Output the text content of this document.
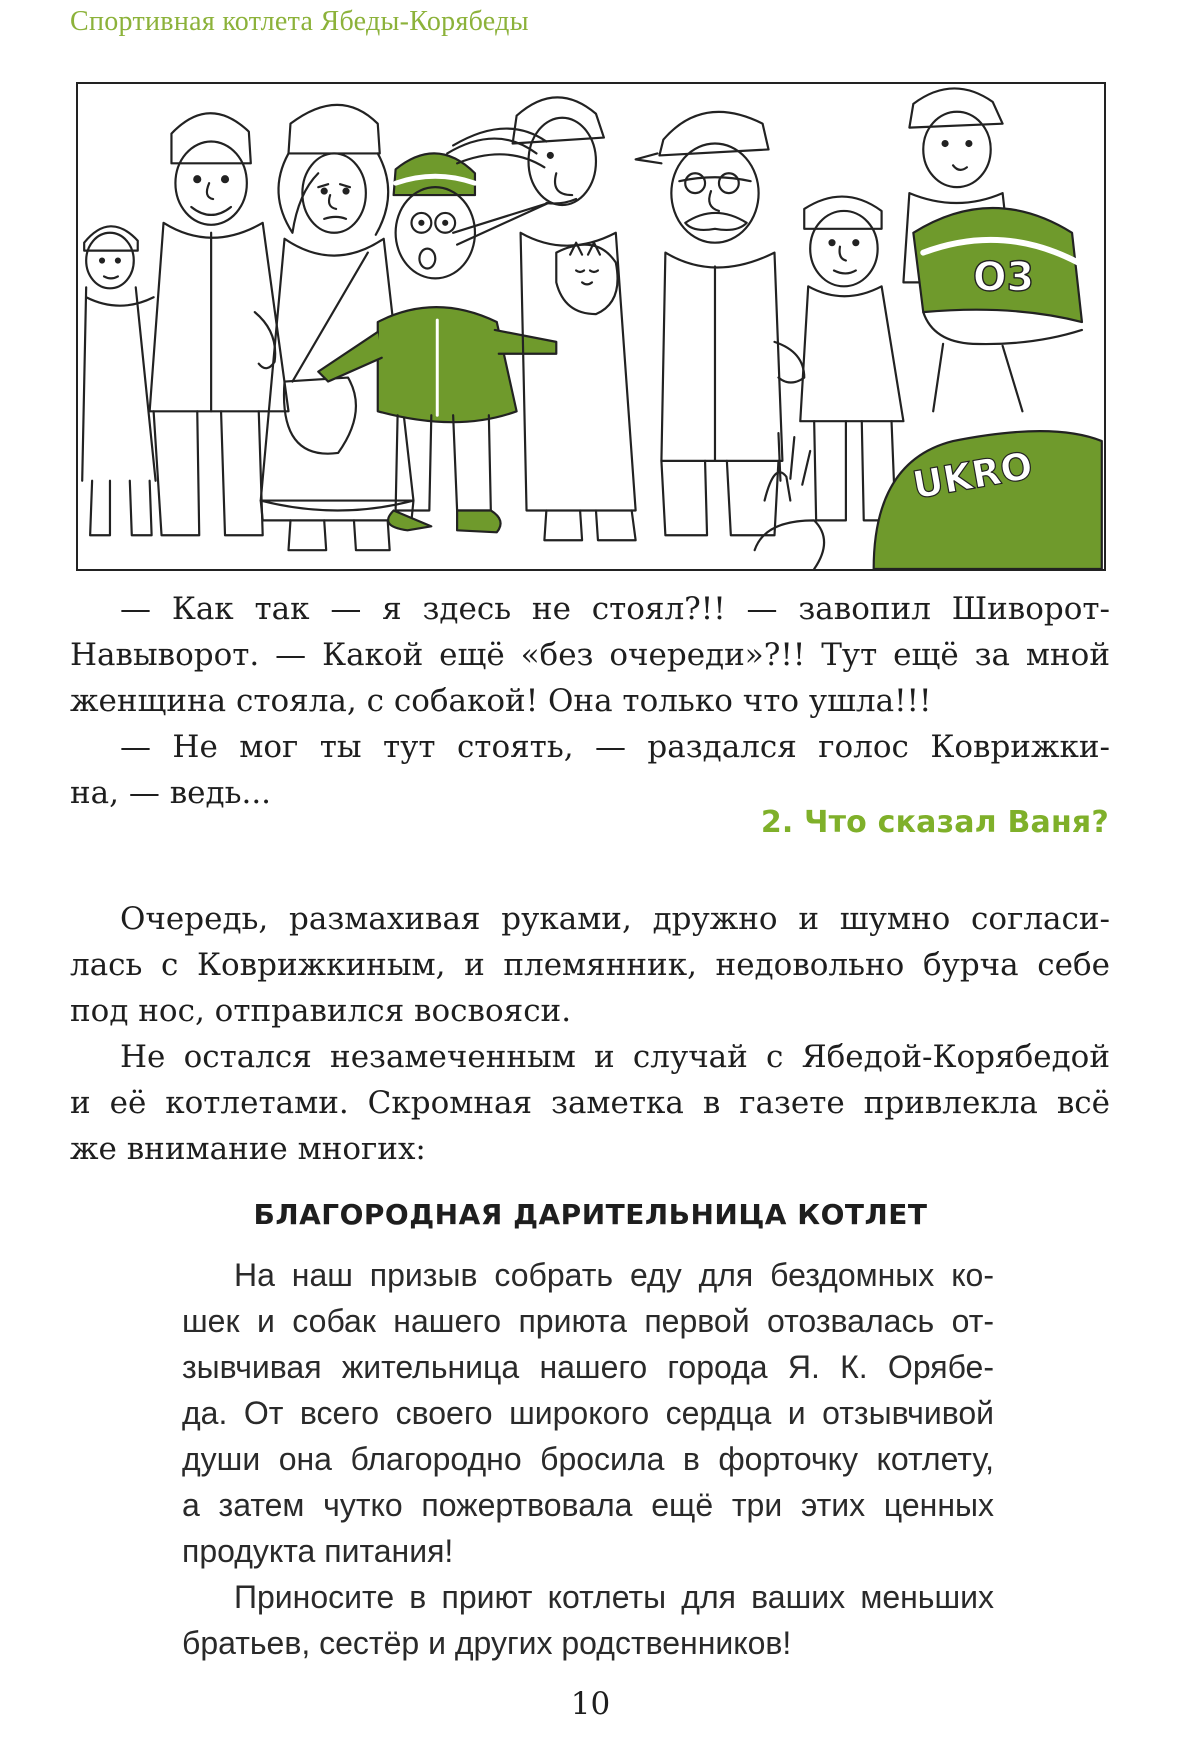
Спортивная котлета Ябеды-Корябеды
O3
UKRO
— Как так — я здесь не стоял?!! — завопил Шиворот-
Навыворот. — Какой ещё «без очереди»?!! Тут ещё за мной
женщина стояла, с собакой! Она только что ушла!!!
— Не мог ты тут стоять, — раздался голос Коврижки-
на, — ведь...
2. Что сказал Ваня?
Очередь, размахивая руками, дружно и шумно согласи-
лась с Коврижкиным, и племянник, недовольно бурча себе
под нос, отправился восвояси.
Не остался незамеченным и случай с Ябедой-Корябедой
и её котлетами. Скромная заметка в газете привлекла всё
же внимание многих:
БЛАГОРОДНАЯ ДАРИТЕЛЬНИЦА КОТЛЕТ
На наш призыв собрать еду для бездомных ко-
шек и собак нашего приюта первой отозвалась от-
зывчивая жительница нашего города Я. К. Орябе-
да. От всего своего широкого сердца и отзывчивой
души она благородно бросила в форточку котлету,
а затем чутко пожертвовала ещё три этих ценных
продукта питания!
Приносите в приют котлеты для ваших меньших
братьев, сестёр и других родственников!
10
